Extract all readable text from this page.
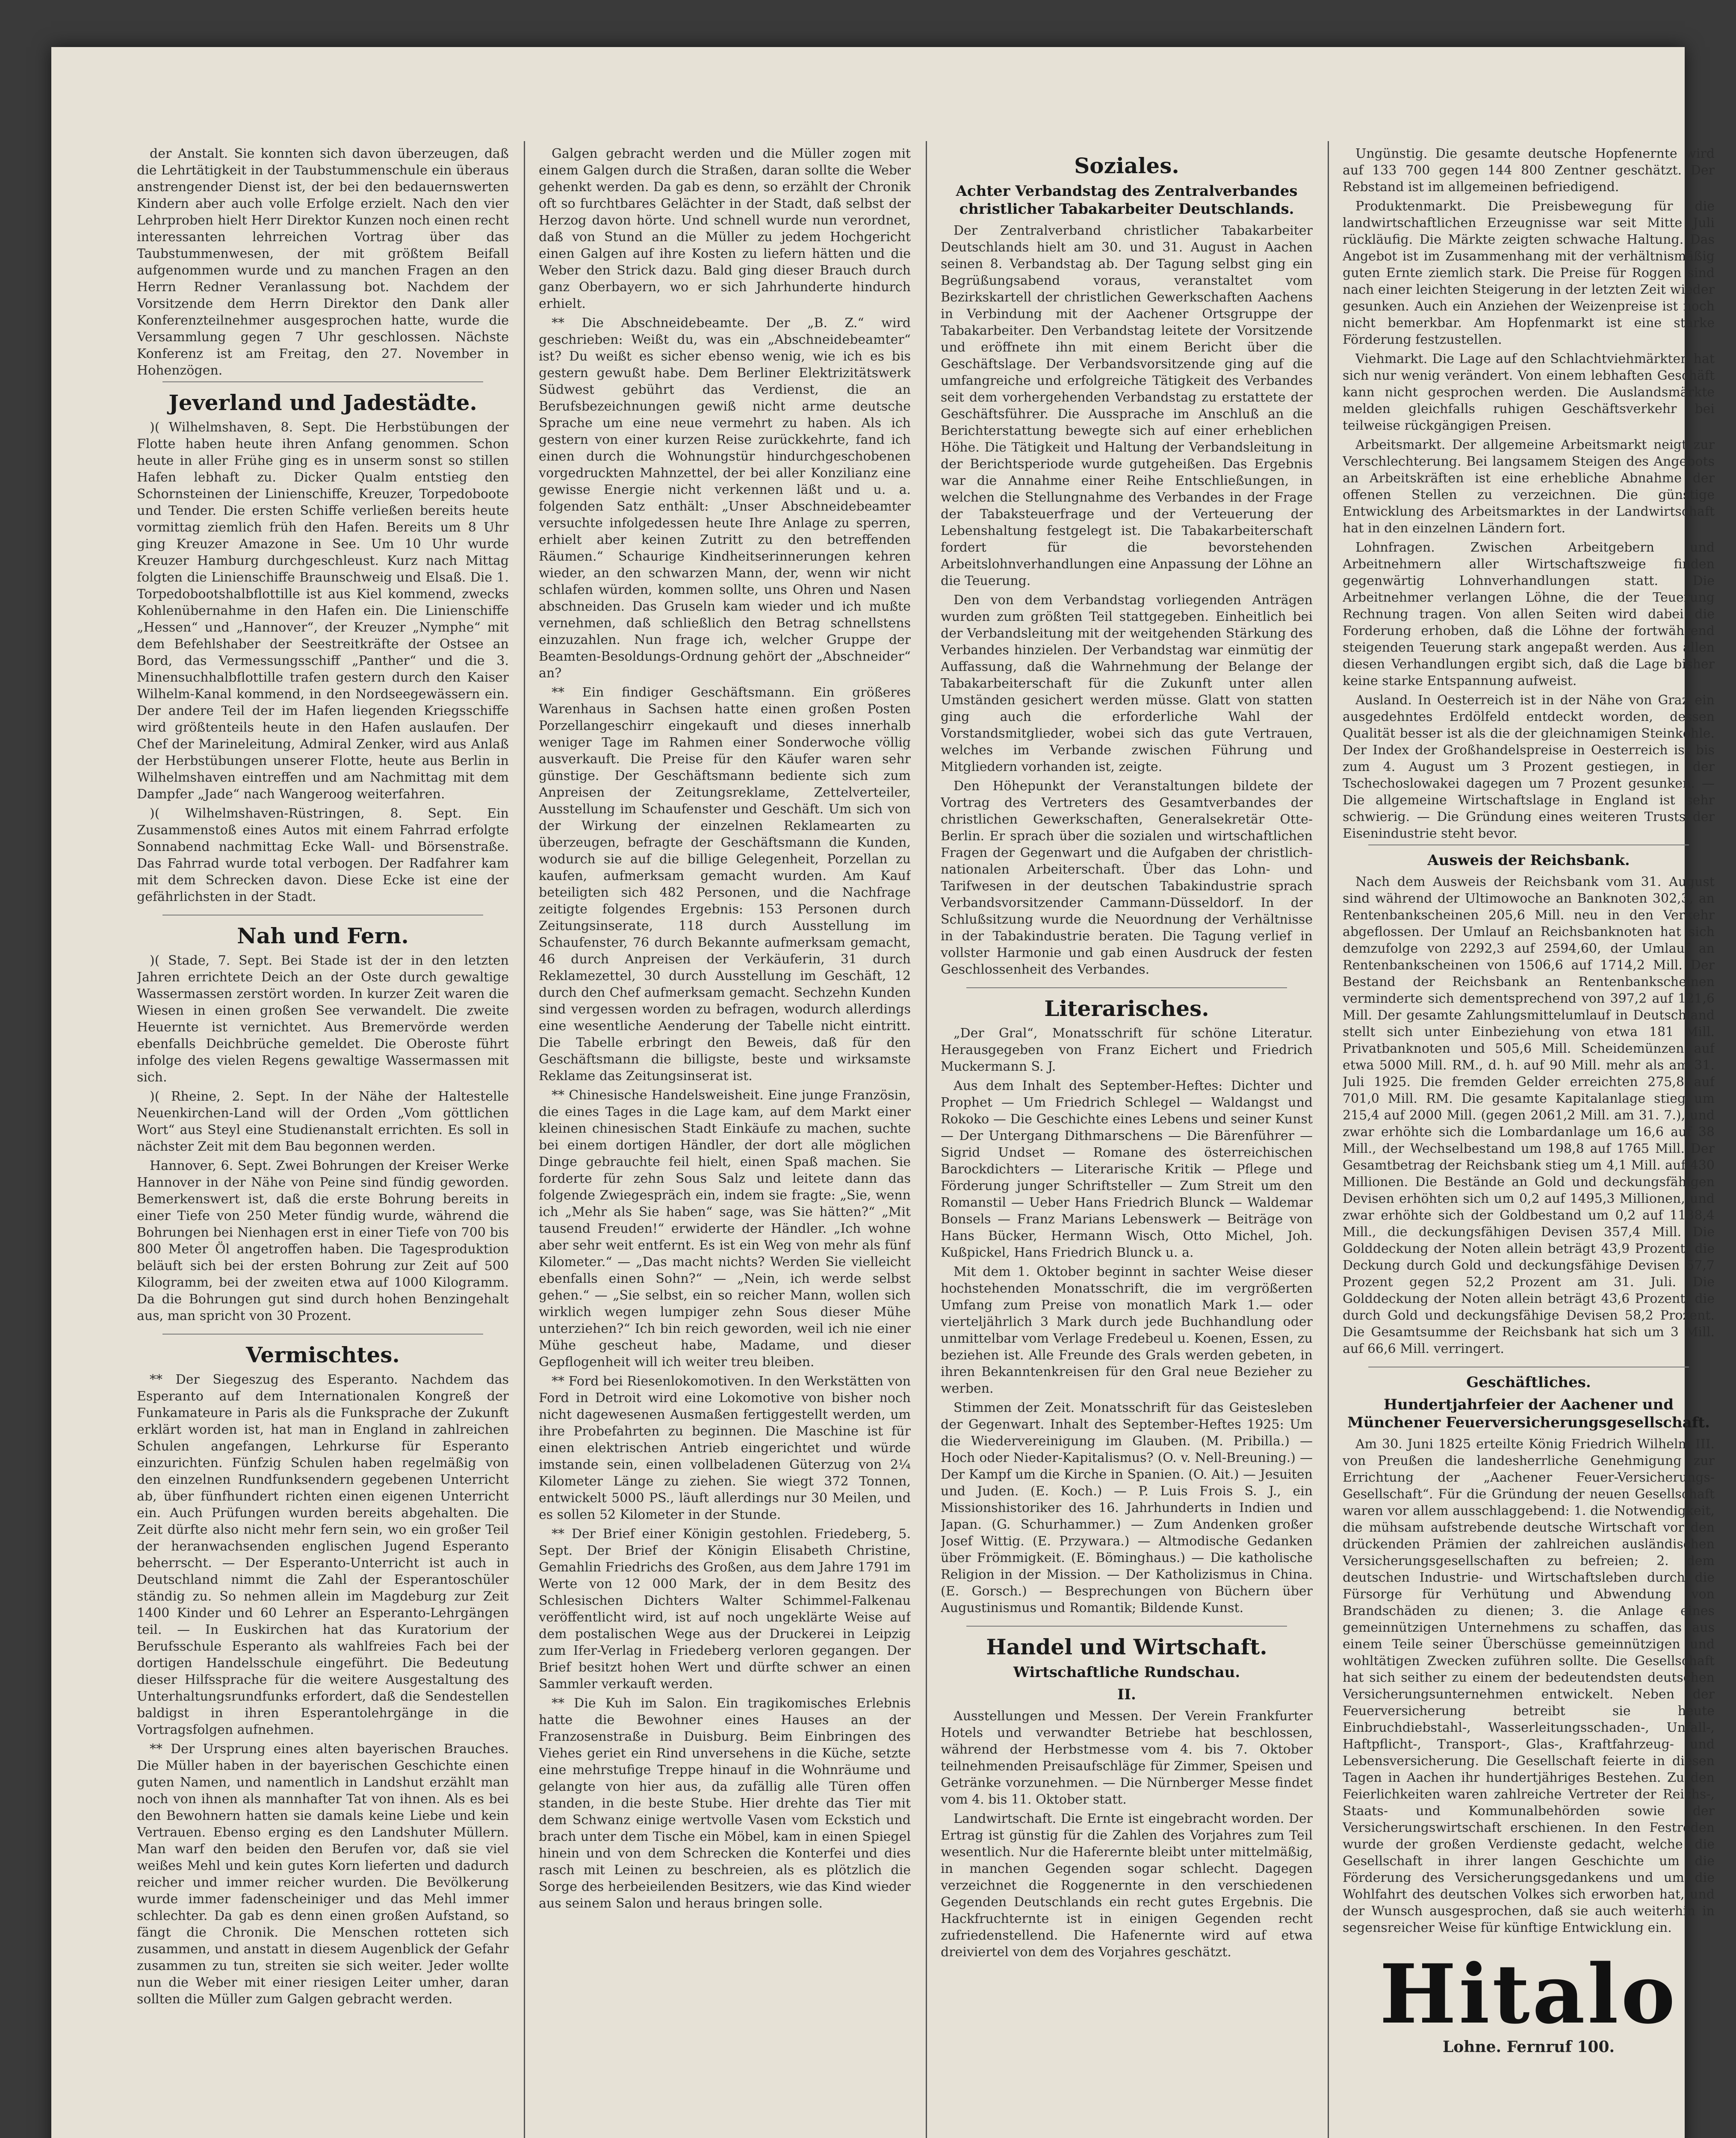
der Anstalt. Sie konnten sich davon überzeugen, daß die Lehrtätigkeit in der Taubstummenschule ein überaus anstrengender Dienst ist, der bei den bedauernswerten Kindern aber auch volle Erfolge erzielt. Nach den vier Lehrproben hielt Herr Direktor Kunzen noch einen recht interessanten lehrreichen Vortrag über das Taubstummenwesen, der mit größtem Beifall aufgenommen wurde und zu manchen Fragen an den Herrn Redner Veranlassung bot. Nachdem der Vorsitzende dem Herrn Direktor den Dank aller Konferenzteilnehmer ausgesprochen hatte, wurde die Versammlung gegen 7 Uhr geschlossen. Nächste Konferenz ist am Freitag, den 27. November in Hohenzögen.

Jeverland und Jadestädte.

)( Wilhelmshaven, 8. Sept. Die Herbstübungen der Flotte haben heute ihren Anfang genommen. Schon heute in aller Frühe ging es in unserm sonst so stillen Hafen lebhaft zu. Dicker Qualm entstieg den Schornsteinen der Linienschiffe, Kreuzer, Torpedoboote und Tender. Die ersten Schiffe verließen bereits heute vormittag ziemlich früh den Hafen. Bereits um 8 Uhr ging Kreuzer Amazone in See. Um 10 Uhr wurde Kreuzer Hamburg durchgeschleust. Kurz nach Mittag folgten die Linienschiffe Braunschweig und Elsaß. Die 1. Torpedobootshalbflottille ist aus Kiel kommend, zwecks Kohlenübernahme in den Hafen ein. Die Linienschiffe „Hessen“ und „Hannover“, der Kreuzer „Nymphe“ mit dem Befehlshaber der Seestreitkräfte der Ostsee an Bord, das Vermessungsschiff „Panther“ und die 3. Minensuchhalbflottille trafen gestern durch den Kaiser Wilhelm-Kanal kommend, in den Nordseegewässern ein. Der andere Teil der im Hafen liegenden Kriegsschiffe wird größtenteils heute in den Hafen auslaufen. Der Chef der Marineleitung, Admiral Zenker, wird aus Anlaß der Herbstübungen unserer Flotte, heute aus Berlin in Wilhelmshaven eintreffen und am Nachmittag mit dem Dampfer „Jade“ nach Wangeroog weiterfahren.

)( Wilhelmshaven-Rüstringen, 8. Sept. Ein Zusammenstoß eines Autos mit einem Fahrrad erfolgte Sonnabend nachmittag Ecke Wall- und Börsenstraße. Das Fahrrad wurde total verbogen. Der Radfahrer kam mit dem Schrecken davon. Diese Ecke ist eine der gefährlichsten in der Stadt.

Nah und Fern.

)( Stade, 7. Sept. Bei Stade ist der in den letzten Jahren errichtete Deich an der Oste durch gewaltige Wassermassen zerstört worden. In kurzer Zeit waren die Wiesen in einen großen See verwandelt. Die zweite Heuernte ist vernichtet. Aus Bremervörde werden ebenfalls Deichbrüche gemeldet. Die Oberoste führt infolge des vielen Regens gewaltige Wassermassen mit sich.

)( Rheine, 2. Sept. In der Nähe der Haltestelle Neuenkirchen-Land will der Orden „Vom göttlichen Wort“ aus Steyl eine Studienanstalt errichten. Es soll in nächster Zeit mit dem Bau begonnen werden.

Hannover, 6. Sept. Zwei Bohrungen der Kreiser Werke Hannover in der Nähe von Peine sind fündig geworden. Bemerkenswert ist, daß die erste Bohrung bereits in einer Tiefe von 250 Meter fündig wurde, während die Bohrungen bei Nienhagen erst in einer Tiefe von 700 bis 800 Meter Öl angetroffen haben. Die Tagesproduktion beläuft sich bei der ersten Bohrung zur Zeit auf 500 Kilogramm, bei der zweiten etwa auf 1000 Kilogramm. Da die Bohrungen gut sind durch hohen Benzingehalt aus, man spricht von 30 Prozent.

Vermischtes.

** Der Siegeszug des Esperanto. Nachdem das Esperanto auf dem Internationalen Kongreß der Funkamateure in Paris als die Funksprache der Zukunft erklärt worden ist, hat man in England in zahlreichen Schulen angefangen, Lehrkurse für Esperanto einzurichten. Fünfzig Schulen haben regelmäßig von den einzelnen Rundfunksendern gegebenen Unterricht ab, über fünfhundert richten einen eigenen Unterricht ein. Auch Prüfungen wurden bereits abgehalten. Die Zeit dürfte also nicht mehr fern sein, wo ein großer Teil der heranwachsenden englischen Jugend Esperanto beherrscht. — Der Esperanto-Unterricht ist auch in Deutschland nimmt die Zahl der Esperantoschüler ständig zu. So nehmen allein im Magdeburg zur Zeit 1400 Kinder und 60 Lehrer an Esperanto-Lehrgängen teil. — In Euskirchen hat das Kuratorium der Berufsschule Esperanto als wahlfreies Fach bei der dortigen Handelsschule eingeführt. Die Bedeutung dieser Hilfssprache für die weitere Ausgestaltung des Unterhaltungsrundfunks erfordert, daß die Sendestellen baldigst in ihren Esperantolehrgänge in die Vortragsfolgen aufnehmen.

** Der Ursprung eines alten bayerischen Brauches. Die Müller haben in der bayerischen Geschichte einen guten Namen, und namentlich in Landshut erzählt man noch von ihnen als mannhafter Tat von ihnen. Als es bei den Bewohnern hatten sie damals keine Liebe und kein Vertrauen. Ebenso erging es den Landshuter Müllern. Man warf den beiden den Berufen vor, daß sie viel weißes Mehl und kein gutes Korn lieferten und dadurch reicher und immer reicher wurden. Die Bevölkerung wurde immer fadenscheiniger und das Mehl immer schlechter. Da gab es denn einen großen Aufstand, so fängt die Chronik. Die Menschen rotteten sich zusammen, und anstatt in diesem Augenblick der Gefahr zusammen zu tun, streiten sie sich weiter. Jeder wollte nun die Weber mit einer riesigen Leiter umher, daran sollten die Müller zum Galgen gebracht werden.

Galgen gebracht werden und die Müller zogen mit einem Galgen durch die Straßen, daran sollte die Weber gehenkt werden. Da gab es denn, so erzählt der Chronik oft so furchtbares Gelächter in der Stadt, daß selbst der Herzog davon hörte. Und schnell wurde nun verordnet, daß von Stund an die Müller zu jedem Hochgericht einen Galgen auf ihre Kosten zu liefern hätten und die Weber den Strick dazu. Bald ging dieser Brauch durch ganz Oberbayern, wo er sich Jahrhunderte hindurch erhielt.

** Die Abschneidebeamte. Der „B. Z.“ wird geschrieben: Weißt du, was ein „Abschneidebeamter“ ist? Du weißt es sicher ebenso wenig, wie ich es bis gestern gewußt habe. Dem Berliner Elektrizitätswerk Südwest gebührt das Verdienst, die an Berufsbezeichnungen gewiß nicht arme deutsche Sprache um eine neue vermehrt zu haben. Als ich gestern von einer kurzen Reise zurückkehrte, fand ich einen durch die Wohnungstür hindurchgeschobenen vorgedruckten Mahnzettel, der bei aller Konzilianz eine gewisse Energie nicht verkennen läßt und u. a. folgenden Satz enthält: „Unser Abschneidebeamter versuchte infolgedessen heute Ihre Anlage zu sperren, erhielt aber keinen Zutritt zu den betreffenden Räumen.“ Schaurige Kindheitserinnerungen kehren wieder, an den schwarzen Mann, der, wenn wir nicht schlafen würden, kommen sollte, uns Ohren und Nasen abschneiden. Das Gruseln kam wieder und ich mußte vernehmen, daß schließlich den Betrag schnellstens einzuzahlen. Nun frage ich, welcher Gruppe der Beamten-Besoldungs-Ordnung gehört der „Abschneider“ an?

** Ein findiger Geschäftsmann. Ein größeres Warenhaus in Sachsen hatte einen großen Posten Porzellangeschirr eingekauft und dieses innerhalb weniger Tage im Rahmen einer Sonderwoche völlig ausverkauft. Die Preise für den Käufer waren sehr günstige. Der Geschäftsmann bediente sich zum Anpreisen der Zeitungsreklame, Zettelverteiler, Ausstellung im Schaufenster und Geschäft. Um sich von der Wirkung der einzelnen Reklamearten zu überzeugen, befragte der Geschäftsmann die Kunden, wodurch sie auf die billige Gelegenheit, Porzellan zu kaufen, aufmerksam gemacht wurden. Am Kauf beteiligten sich 482 Personen, und die Nachfrage zeitigte folgendes Ergebnis: 153 Personen durch Zeitungsinserate, 118 durch Ausstellung im Schaufenster, 76 durch Bekannte aufmerksam gemacht, 46 durch Anpreisen der Verkäuferin, 31 durch Reklamezettel, 30 durch Ausstellung im Geschäft, 12 durch den Chef aufmerksam gemacht. Sechzehn Kunden sind vergessen worden zu befragen, wodurch allerdings eine wesentliche Aenderung der Tabelle nicht eintritt. Die Tabelle erbringt den Beweis, daß für den Geschäftsmann die billigste, beste und wirksamste Reklame das Zeitungsinserat ist.

** Chinesische Handelsweisheit. Eine junge Französin, die eines Tages in die Lage kam, auf dem Markt einer kleinen chinesischen Stadt Einkäufe zu machen, suchte bei einem dortigen Händler, der dort alle möglichen Dinge gebrauchte feil hielt, einen Spaß machen. Sie forderte für zehn Sous Salz und leitete dann das folgende Zwiegespräch ein, indem sie fragte: „Sie, wenn ich „Mehr als Sie haben“ sage, was Sie hätten?“ „Mit tausend Freuden!“ erwiderte der Händler. „Ich wohne aber sehr weit entfernt. Es ist ein Weg von mehr als fünf Kilometer.“ — „Das macht nichts? Werden Sie vielleicht ebenfalls einen Sohn?“ — „Nein, ich werde selbst gehen.“ — „Sie selbst, ein so reicher Mann, wollen sich wirklich wegen lumpiger zehn Sous dieser Mühe unterziehen?“ Ich bin reich geworden, weil ich nie einer Mühe gescheut habe, Madame, und dieser Gepflogenheit will ich weiter treu bleiben.

** Ford bei Riesenlokomotiven. In den Werkstätten von Ford in Detroit wird eine Lokomotive von bisher noch nicht dagewesenen Ausmaßen fertiggestellt werden, um ihre Probefahrten zu beginnen. Die Maschine ist für einen elektrischen Antrieb eingerichtet und würde imstande sein, einen vollbeladenen Güterzug von 2¼ Kilometer Länge zu ziehen. Sie wiegt 372 Tonnen, entwickelt 5000 PS., läuft allerdings nur 30 Meilen, und es sollen 52 Kilometer in der Stunde.

** Der Brief einer Königin gestohlen. Friedeberg, 5. Sept. Der Brief der Königin Elisabeth Christine, Gemahlin Friedrichs des Großen, aus dem Jahre 1791 im Werte von 12 000 Mark, der in dem Besitz des Schlesischen Dichters Walter Schimmel-Falkenau veröffentlicht wird, ist auf noch ungeklärte Weise auf dem postalischen Wege aus der Druckerei in Leipzig zum Ifer-Verlag in Friedeberg verloren gegangen. Der Brief besitzt hohen Wert und dürfte schwer an einen Sammler verkauft werden.

** Die Kuh im Salon. Ein tragikomisches Erlebnis hatte die Bewohner eines Hauses an der Franzosenstraße in Duisburg. Beim Einbringen des Viehes geriet ein Rind unversehens in die Küche, setzte eine mehrstufige Treppe hinauf in die Wohnräume und gelangte von hier aus, da zufällig alle Türen offen standen, in die beste Stube. Hier drehte das Tier mit dem Schwanz einige wertvolle Vasen vom Eckstich und brach unter dem Tische ein Möbel, kam in einen Spiegel hinein und von dem Schrecken die Konterfei und dies rasch mit Leinen zu beschreien, als es plötzlich die Sorge des herbeieilenden Besitzers, wie das Kind wieder aus seinem Salon und heraus bringen solle.

Soziales.
Achter Verbandstag des Zentralverbandes christlicher Tabakarbeiter Deutschlands.

Der Zentralverband christlicher Tabakarbeiter Deutschlands hielt am 30. und 31. August in Aachen seinen 8. Verbandstag ab. Der Tagung selbst ging ein Begrüßungsabend voraus, veranstaltet vom Bezirkskartell der christlichen Gewerkschaften Aachens in Verbindung mit der Aachener Ortsgruppe der Tabakarbeiter. Den Verbandstag leitete der Vorsitzende und eröffnete ihn mit einem Bericht über die Geschäftslage. Der Verbandsvorsitzende ging auf die umfangreiche und erfolgreiche Tätigkeit des Verbandes seit dem vorhergehenden Verbandstag zu erstattete der Geschäftsführer. Die Aussprache im Anschluß an die Berichterstattung bewegte sich auf einer erheblichen Höhe. Die Tätigkeit und Haltung der Verbandsleitung in der Berichtsperiode wurde gutgeheißen. Das Ergebnis war die Annahme einer Reihe Entschließungen, in welchen die Stellungnahme des Verbandes in der Frage der Tabaksteuerfrage und der Verteuerung der Lebenshaltung festgelegt ist. Die Tabakarbeiterschaft fordert für die bevorstehenden Arbeitslohnverhandlungen eine Anpassung der Löhne an die Teuerung.

Den von dem Verbandstag vorliegenden Anträgen wurden zum größten Teil stattgegeben. Einheitlich bei der Verbandsleitung mit der weitgehenden Stärkung des Verbandes hinzielen. Der Verbandstag war einmütig der Auffassung, daß die Wahrnehmung der Belange der Tabakarbeiterschaft für die Zukunft unter allen Umständen gesichert werden müsse. Glatt von statten ging auch die erforderliche Wahl der Vorstandsmitglieder, wobei sich das gute Vertrauen, welches im Verbande zwischen Führung und Mitgliedern vorhanden ist, zeigte.

Den Höhepunkt der Veranstaltungen bildete der Vortrag des Vertreters des Gesamtverbandes der christlichen Gewerkschaften, Generalsekretär Otte-Berlin. Er sprach über die sozialen und wirtschaftlichen Fragen der Gegenwart und die Aufgaben der christlich-nationalen Arbeiterschaft. Über das Lohn- und Tarifwesen in der deutschen Tabakindustrie sprach Verbandsvorsitzender Cammann-Düsseldorf. In der Schlußsitzung wurde die Neuordnung der Verhältnisse in der Tabakindustrie beraten. Die Tagung verlief in vollster Harmonie und gab einen Ausdruck der festen Geschlossenheit des Verbandes.

Literarisches.

„Der Gral“, Monatsschrift für schöne Literatur. Herausgegeben von Franz Eichert und Friedrich Muckermann S. J.

Aus dem Inhalt des September-Heftes: Dichter und Prophet — Um Friedrich Schlegel — Waldangst und Rokoko — Die Geschichte eines Lebens und seiner Kunst — Der Untergang Dithmarschens — Die Bärenführer — Sigrid Undset — Romane des österreichischen Barockdichters — Literarische Kritik — Pflege und Förderung junger Schriftsteller — Zum Streit um den Romanstil — Ueber Hans Friedrich Blunck — Waldemar Bonsels — Franz Marians Lebenswerk — Beiträge von Hans Bücker, Hermann Wisch, Otto Michel, Joh. Kußpickel, Hans Friedrich Blunck u. a.

Mit dem 1. Oktober beginnt in sachter Weise dieser hochstehenden Monatsschrift, die im vergrößerten Umfang zum Preise von monatlich Mark 1.— oder vierteljährlich 3 Mark durch jede Buchhandlung oder unmittelbar vom Verlage Fredebeul u. Koenen, Essen, zu beziehen ist. Alle Freunde des Grals werden gebeten, in ihren Bekanntenkreisen für den Gral neue Bezieher zu werben.

Stimmen der Zeit. Monatsschrift für das Geistesleben der Gegenwart. Inhalt des September-Heftes 1925: Um die Wiedervereinigung im Glauben. (M. Pribilla.) — Hoch oder Nieder-Kapitalismus? (O. v. Nell-Breuning.) — Der Kampf um die Kirche in Spanien. (O. Ait.) — Jesuiten und Juden. (E. Koch.) — P. Luis Frois S. J., ein Missionshistoriker des 16. Jahrhunderts in Indien und Japan. (G. Schurhammer.) — Zum Andenken großer Josef Wittig. (E. Przywara.) — Altmodische Gedanken über Frömmigkeit. (E. Böminghaus.) — Die katholische Religion in der Mission. — Der Katholizismus in China. (E. Gorsch.) — Besprechungen von Büchern über Augustinismus und Romantik; Bildende Kunst.

Handel und Wirtschaft.
Wirtschaftliche Rundschau.
II.

Ausstellungen und Messen. Der Verein Frankfurter Hotels und verwandter Betriebe hat beschlossen, während der Herbstmesse vom 4. bis 7. Oktober teilnehmenden Preisaufschläge für Zimmer, Speisen und Getränke vorzunehmen. — Die Nürnberger Messe findet vom 4. bis 11. Oktober statt.

Landwirtschaft. Die Ernte ist eingebracht worden. Der Ertrag ist günstig für die Zahlen des Vorjahres zum Teil wesentlich. Nur die Haferernte bleibt unter mittelmäßig, in manchen Gegenden sogar schlecht. Dagegen verzeichnet die Roggenernte in den verschiedenen Gegenden Deutschlands ein recht gutes Ergebnis. Die Hackfruchternte ist in einigen Gegenden recht zufriedenstellend. Die Hafenernte wird auf etwa dreiviertel von dem des Vorjahres geschätzt.

Ungünstig. Die gesamte deutsche Hopfenernte wird auf 133 700 gegen 144 800 Zentner geschätzt. Der Rebstand ist im allgemeinen befriedigend.

Produktenmarkt. Die Preisbewegung für die landwirtschaftlichen Erzeugnisse war seit Mitte Juli rückläufig. Die Märkte zeigten schwache Haltung. Das Angebot ist im Zusammenhang mit der verhältnismäßig guten Ernte ziemlich stark. Die Preise für Roggen sind nach einer leichten Steigerung in der letzten Zeit wieder gesunken. Auch ein Anziehen der Weizenpreise ist noch nicht bemerkbar. Am Hopfenmarkt ist eine starke Förderung festzustellen.

Viehmarkt. Die Lage auf den Schlachtviehmärkten hat sich nur wenig verändert. Von einem lebhaften Geschäft kann nicht gesprochen werden. Die Auslandsmärkte melden gleichfalls ruhigen Geschäftsverkehr bei teilweise rückgängigen Preisen.

Arbeitsmarkt. Der allgemeine Arbeitsmarkt neigt zur Verschlechterung. Bei langsamem Steigen des Angebots an Arbeitskräften ist eine erhebliche Abnahme der offenen Stellen zu verzeichnen. Die günstige Entwicklung des Arbeitsmarktes in der Landwirtschaft hat in den einzelnen Ländern fort.

Lohnfragen. Zwischen Arbeitgebern und Arbeitnehmern aller Wirtschaftszweige finden gegenwärtig Lohnverhandlungen statt. Die Arbeitnehmer verlangen Löhne, die der Teuerung Rechnung tragen. Von allen Seiten wird dabei die Forderung erhoben, daß die Löhne der fortwährend steigenden Teuerung stark angepaßt werden. Aus allen diesen Verhandlungen ergibt sich, daß die Lage bisher keine starke Entspannung aufweist.

Ausland. In Oesterreich ist in der Nähe von Graz ein ausgedehntes Erdölfeld entdeckt worden, dessen Qualität besser ist als die der gleichnamigen Steinkohle. Der Index der Großhandelspreise in Oesterreich ist bis zum 4. August um 3 Prozent gestiegen, in der Tschechoslowakei dagegen um 7 Prozent gesunken. — Die allgemeine Wirtschaftslage in England ist sehr schwierig. — Die Gründung eines weiteren Trusts der Eisenindustrie steht bevor.

Ausweis der Reichsbank.

Nach dem Ausweis der Reichsbank vom 31. August sind während der Ultimowoche an Banknoten 302,3, an Rentenbankscheinen 205,6 Mill. neu in den Verkehr abgeflossen. Der Umlauf an Reichsbanknoten hat sich demzufolge von 2292,3 auf 2594,60, der Umlauf an Rentenbankscheinen von 1506,6 auf 1714,2 Mill. Der Bestand der Reichsbank an Rentenbankscheinen verminderte sich dementsprechend von 397,2 auf 121,6 Mill. Der gesamte Zahlungsmittelumlauf in Deutschland stellt sich unter Einbeziehung von etwa 181 Mill. Privatbanknoten und 505,6 Mill. Scheidemünzen auf etwa 5000 Mill. RM., d. h. auf 90 Mill. mehr als am 31. Juli 1925. Die fremden Gelder erreichten 275,8 auf 701,0 Mill. RM. Die gesamte Kapitalanlage stieg um 215,4 auf 2000 Mill. (gegen 2061,2 Mill. am 31. 7.), und zwar erhöhte sich die Lombardanlage um 16,6 auf 38 Mill., der Wechselbestand um 198,8 auf 1765 Mill. Der Gesamtbetrag der Reichsbank stieg um 4,1 Mill. auf 430 Millionen. Die Bestände an Gold und deckungsfähigen Devisen erhöhten sich um 0,2 auf 1495,3 Millionen, und zwar erhöhte sich der Goldbestand um 0,2 auf 1138,4 Mill., die deckungsfähigen Devisen 357,4 Mill. Die Golddeckung der Noten allein beträgt 43,9 Prozent, die Deckung durch Gold und deckungsfähige Devisen 57,7 Prozent gegen 52,2 Prozent am 31. Juli. Die Golddeckung der Noten allein beträgt 43,6 Prozent, die durch Gold und deckungsfähige Devisen 58,2 Prozent. Die Gesamtsumme der Reichsbank hat sich um 3 Mill. auf 66,6 Mill. verringert.

Geschäftliches.
Hundertjahrfeier der Aachener und Münchener Feuerversicherungsgesellschaft.

Am 30. Juni 1825 erteilte König Friedrich Wilhelm III. von Preußen die landesherrliche Genehmigung zur Errichtung der „Aachener Feuer-Versicherungs-Gesellschaft“. Für die Gründung der neuen Gesellschaft waren vor allem ausschlaggebend: 1. die Notwendigkeit, die mühsam aufstrebende deutsche Wirtschaft vor den drückenden Prämien der zahlreichen ausländischen Versicherungsgesellschaften zu befreien; 2. dem deutschen Industrie- und Wirtschaftsleben durch die Fürsorge für Verhütung und Abwendung von Brandschäden zu dienen; 3. die Anlage eines gemeinnützigen Unternehmens zu schaffen, das aus einem Teile seiner Überschüsse gemeinnützigen und wohltätigen Zwecken zuführen sollte. Die Gesellschaft hat sich seither zu einem der bedeutendsten deutschen Versicherungsunternehmen entwickelt. Neben der Feuerversicherung betreibt sie heute Einbruchdiebstahl-, Wasserleitungsschaden-, Unfall-, Haftpflicht-, Transport-, Glas-, Kraftfahrzeug- und Lebensversicherung. Die Gesellschaft feierte in diesen Tagen in Aachen ihr hundertjähriges Bestehen. Zu den Feierlichkeiten waren zahlreiche Vertreter der Reichs-, Staats- und Kommunalbehörden sowie der Versicherungswirtschaft erschienen. In den Festreden wurde der großen Verdienste gedacht, welche die Gesellschaft in ihrer langen Geschichte um die Förderung des Versicherungsgedankens und um die Wohlfahrt des deutschen Volkes sich erworben hat, und der Wunsch ausgesprochen, daß sie auch weiterhin in segensreicher Weise für künftige Entwicklung ein.

Hitalo
Lohne. Fernruf 100.
